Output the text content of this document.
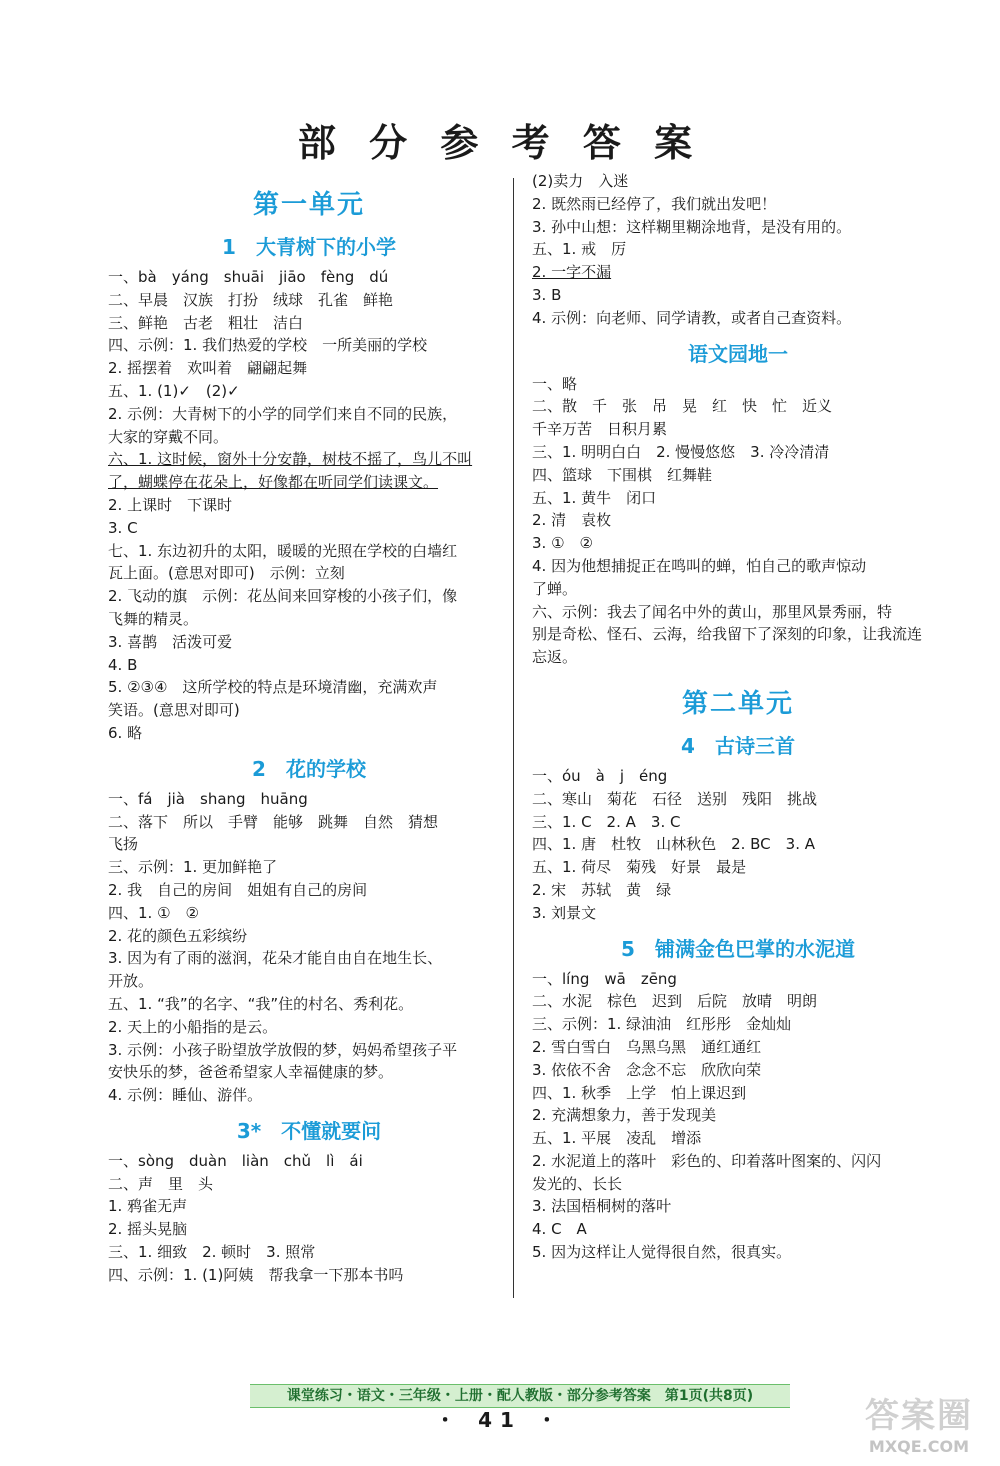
部 分 参 考 答 案
第一单元
1　大青树下的小学
一、bà　yáng　shuāi　jiāo　fèng　dú
二、早晨　汉族　打扮　绒球　孔雀　鲜艳
三、鲜艳　古老　粗壮　洁白
四、示例：1. 我们热爱的学校　一所美丽的学校
2. 摇摆着　欢叫着　翩翩起舞
五、1. (1)✓　(2)✓
2. 示例：大青树下的小学的同学们来自不同的民族，
大家的穿戴不同。
六、1. 这时候，窗外十分安静，树枝不摇了，鸟儿不叫
了，蝴蝶停在花朵上，好像都在听同学们读课文。
2. 上课时　下课时
3. C
七、1. 东边初升的太阳，暖暖的光照在学校的白墙红
瓦上面。(意思对即可)　示例：立刻
2. 飞动的旗　示例：花丛间来回穿梭的小孩子们，像
飞舞的精灵。
3. 喜鹊　活泼可爱
4. B
5. ②③④　这所学校的特点是环境清幽，充满欢声
笑语。(意思对即可)
6. 略
2　花的学校
一、fá　jià　shang　huāng
二、落下　所以　手臂　能够　跳舞　自然　猜想
飞扬
三、示例：1. 更加鲜艳了
2. 我　自己的房间　姐姐有自己的房间
四、1. ①　②
2. 花的颜色五彩缤纷
3. 因为有了雨的滋润，花朵才能自由自在地生长、
开放。
五、1. “我”的名字、“我”住的村名、秀利花。
2. 天上的小船指的是云。
3. 示例：小孩子盼望放学放假的梦，妈妈希望孩子平
安快乐的梦，爸爸希望家人幸福健康的梦。
4. 示例：睡仙、游伴。
3*　不懂就要问
一、sòng　duàn　liàn　chǔ　lì　ái
二、声　里　头
1. 鸦雀无声
2. 摇头晃脑
三、1. 细致　2. 顿时　3. 照常
四、示例：1. (1)阿姨　帮我拿一下那本书吗
(2)卖力　入迷
2. 既然雨已经停了，我们就出发吧！
3. 孙中山想：这样糊里糊涂地背，是没有用的。
五、1. 戒　厉
2. 一字不漏
3. B
4. 示例：向老师、同学请教，或者自己查资料。
语文园地一
一、略
二、散　千　张　吊　晃　红　快　忙　近义
千辛万苦　日积月累
三、1. 明明白白　2. 慢慢悠悠　3. 冷冷清清
四、篮球　下围棋　红舞鞋
五、1. 黄牛　闭口
2. 清　袁枚
3. ①　②
4. 因为他想捕捉正在鸣叫的蝉，怕自己的歌声惊动
了蝉。
六、示例：我去了闻名中外的黄山，那里风景秀丽，特
别是奇松、怪石、云海，给我留下了深刻的印象，让我流连
忘返。
第二单元
4　古诗三首
一、óu　à　j　éng
二、寒山　菊花　石径　送别　残阳　挑战
三、1. C　2. A　3. C
四、1. 唐　杜牧　山林秋色　2. BC　3. A
五、1. 荷尽　菊残　好景　最是
2. 宋　苏轼　黄　绿
3. 刘景文
5　铺满金色巴掌的水泥道
一、líng　wā　zēng
二、水泥　棕色　迟到　后院　放晴　明朗
三、示例：1. 绿油油　红彤彤　金灿灿
2. 雪白雪白　乌黑乌黑　通红通红
3. 依依不舍　念念不忘　欣欣向荣
四、1. 秋季　上学　怕上课迟到
2. 充满想象力，善于发现美
五、1. 平展　凌乱　增添
2. 水泥道上的落叶　彩色的、印着落叶图案的、闪闪
发光的、长长
3. 法国梧桐树的落叶
4. C　A
5. 因为这样让人觉得很自然，很真实。
课堂练习・语文・三年级・上册・配人教版・部分参考答案　第1页(共8页)
・ 41 ・	答案圈
MXQE.COM
